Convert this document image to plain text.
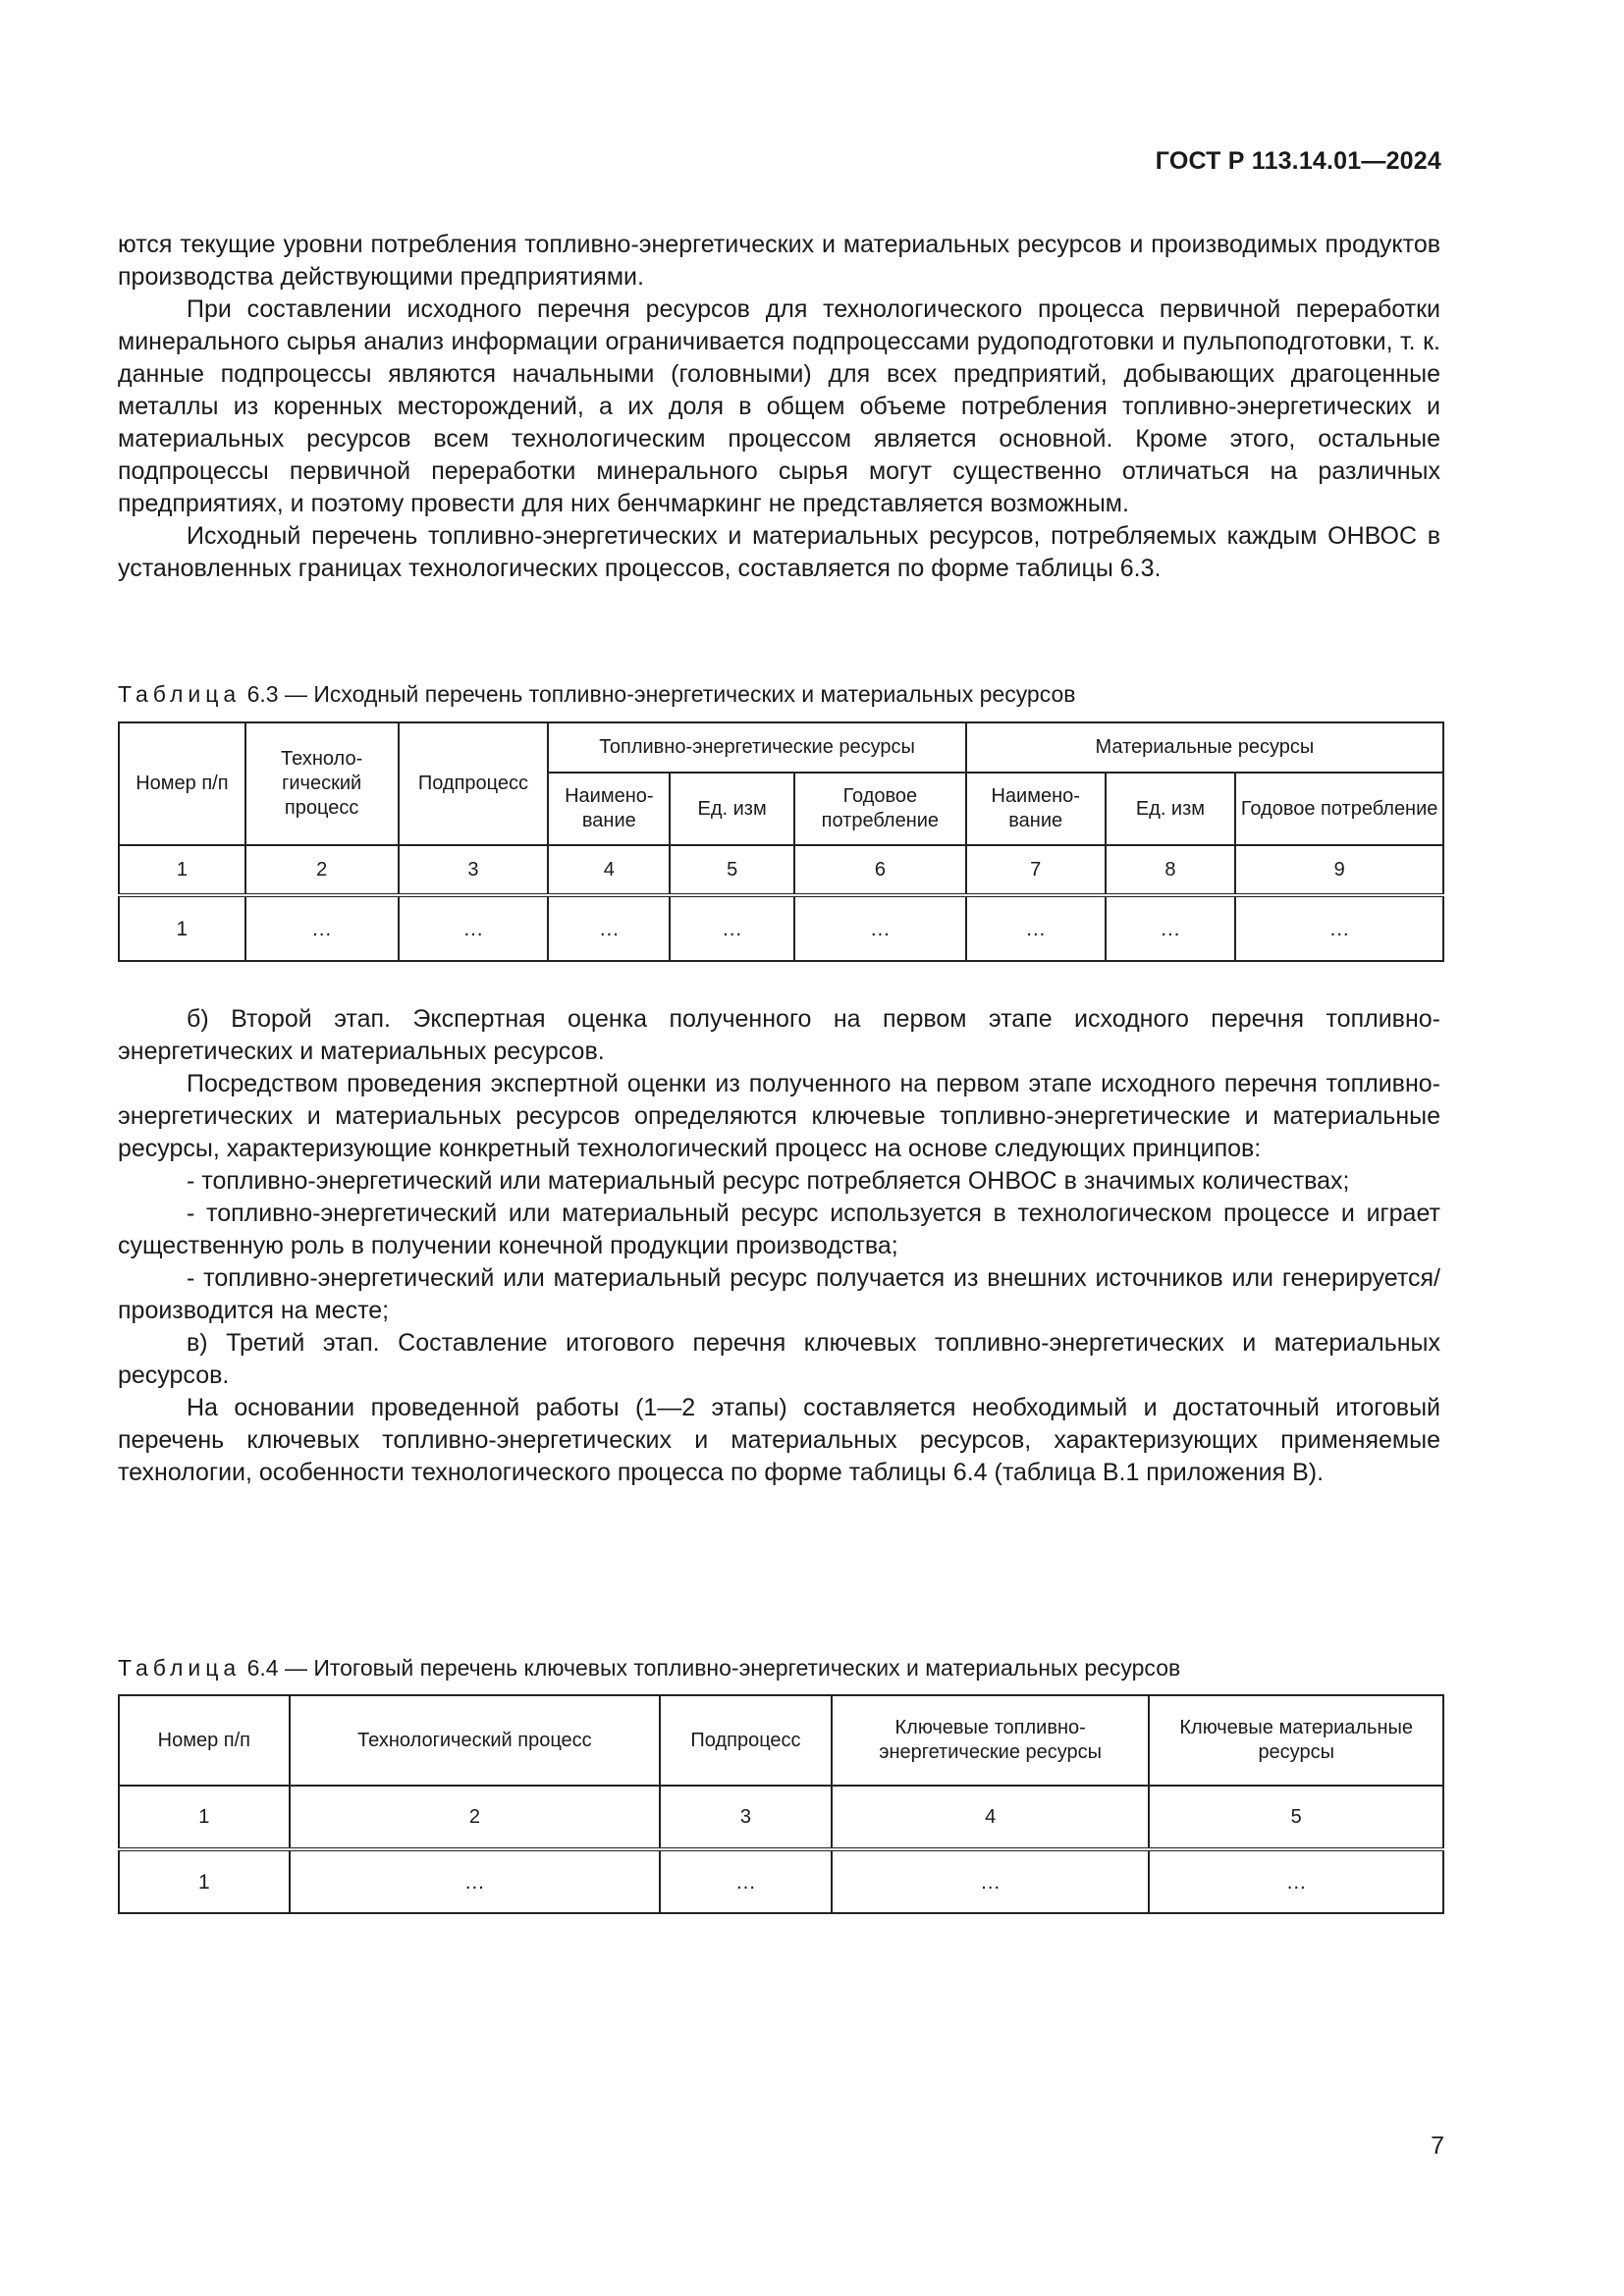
ГОСТ Р 113.14.01—2024

ются текущие уровни потребления топливно-энергетических и материальных ресурсов и производимых продуктов производства действующими предприятиями.

При составлении исходного перечня ресурсов для технологического процесса первичной переработки минерального сырья анализ информации ограничивается подпроцессами рудоподготовки и пульпоподготовки, т. к. данные подпроцессы являются начальными (головными) для всех предприятий, добывающих драгоценные металлы из коренных месторождений, а их доля в общем объеме потребления топливно-энергетических и материальных ресурсов всем технологическим процессом является основной. Кроме этого, остальные подпроцессы первичной переработки минерального сырья могут существенно отличаться на различных предприятиях, и поэтому провести для них бенчмаркинг не представляется возможным.

Исходный перечень топливно-энергетических и материальных ресурсов, потребляемых каждым ОНВОС в установленных границах технологических процессов, составляется по форме таблицы 6.3.

Таблица 6.3 — Исходный перечень топливно-энергетических и материальных ресурсов
Номер п/п	Техноло-гический процесс	Подпроцесс	Топливно-энергетические ресурсы			Материальные ресурсы		
			Наимено-вание	Ед. изм	Годовое потребление	Наимено-вание	Ед. изм	Годовое потребление
1	2	3	4	5	6	7	8	9
1	…	…	…	…	…	…	…	…

б) Второй этап. Экспертная оценка полученного на первом этапе исходного перечня топливно-энергетических и материальных ресурсов.

Посредством проведения экспертной оценки из полученного на первом этапе исходного перечня топливно-энергетических и материальных ресурсов определяются ключевые топливно-энергетические и материальные ресурсы, характеризующие конкретный технологический процесс на основе следующих принципов:

- топливно-энергетический или материальный ресурс потребляется ОНВОС в значимых количествах;

- топливно-энергетический или материальный ресурс используется в технологическом процессе и играет существенную роль в получении конечной продукции производства;

- топливно-энергетический или материальный ресурс получается из внешних источников или генерируется/производится на месте;

в) Третий этап. Составление итогового перечня ключевых топливно-энергетических и материальных ресурсов.

На основании проведенной работы (1—2 этапы) составляется необходимый и достаточный итоговый перечень ключевых топливно-энергетических и материальных ресурсов, характеризующих применяемые технологии, особенности технологического процесса по форме таблицы 6.4 (таблица В.1 приложения В).

Таблица 6.4 — Итоговый перечень ключевых топливно-энергетических и материальных ресурсов
Номер п/п	Технологический процесс	Подпроцесс	Ключевые топливно-энергетические ресурсы	Ключевые материальные ресурсы
1	2	3	4	5
1	…	…	…	…
7
